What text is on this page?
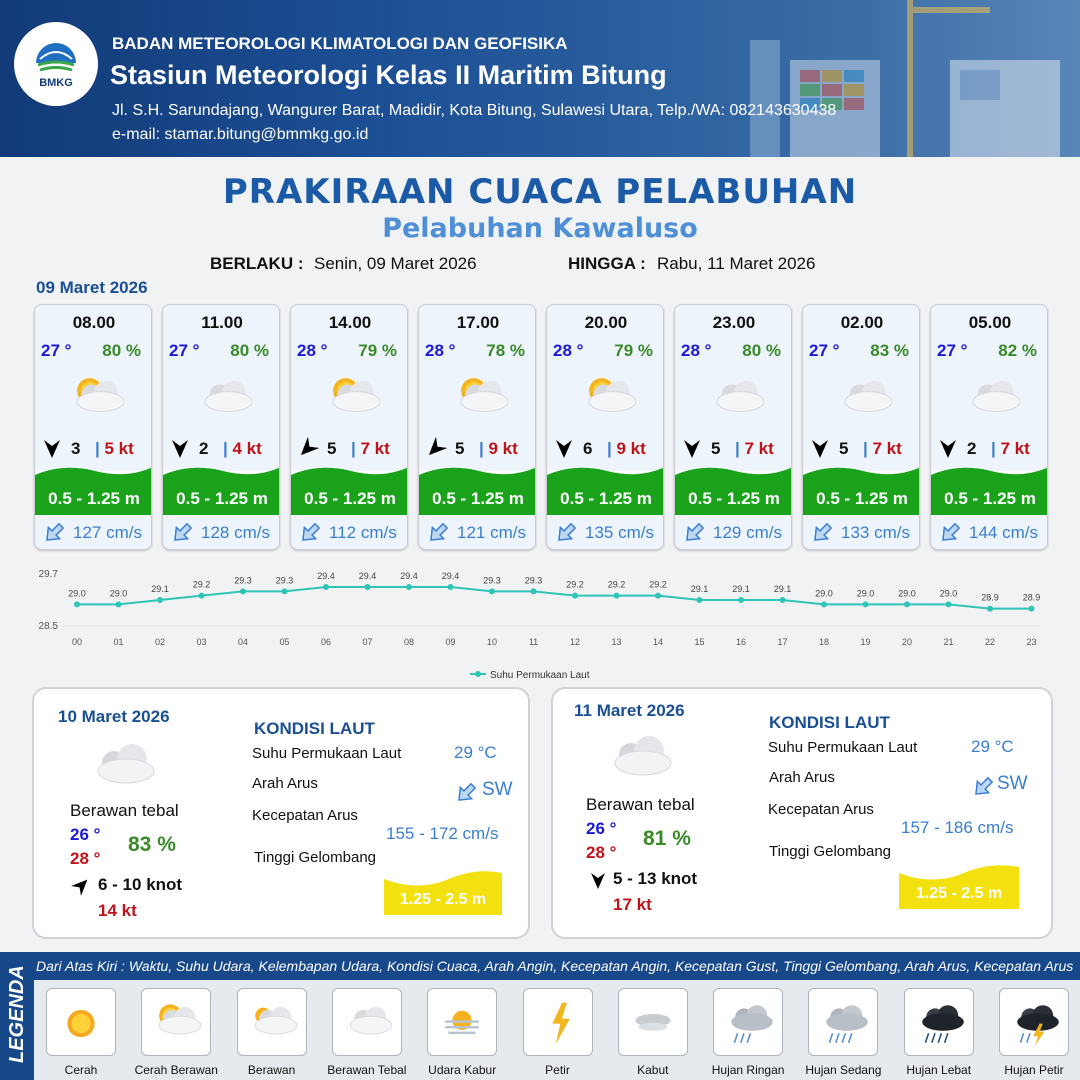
BMKG
BADAN METEOROLOGI KLIMATOLOGI DAN GEOFISIKA
Stasiun Meteorologi Kelas II Maritim Bitung
Jl. S.H. Sarundajang, Wangurer Barat, Madidir, Kota Bitung, Sulawesi Utara, Telp./WA: 082143630438
e-mail: stamar.bitung@bmmkg.go.id
PRAKIRAAN CUACA PELABUHAN
Pelabuhan Kawaluso
BERLAKU : Senin, 09 Maret 2026	HINGGA : Rabu, 11 Maret 2026
09 Maret 2026
08.00
27 ° 80 %
3 | 5 kt
0.5 - 1.25 m
127 cm/s
11.00
27 ° 80 %
2 | 4 kt
0.5 - 1.25 m
128 cm/s
14.00
28 ° 79 %
5 | 7 kt
0.5 - 1.25 m
112 cm/s
17.00
28 ° 78 %
5 | 9 kt
0.5 - 1.25 m
121 cm/s
20.00
28 ° 79 %
6 | 9 kt
0.5 - 1.25 m
135 cm/s
23.00
28 ° 80 %
5 | 7 kt
0.5 - 1.25 m
129 cm/s
02.00
27 ° 83 %
5 | 7 kt
0.5 - 1.25 m
133 cm/s
05.00
27 ° 82 %
2 | 7 kt
0.5 - 1.25 m
144 cm/s
29.7
28.5
29.0
00
29.0
01
29.1
02
29.2
03
29.3
04
29.3
05
29.4
06
29.4
07
29.4
08
29.4
09
29.3
10
29.3
11
29.2
12
29.2
13
29.2
14
29.1
15
29.1
16
29.1
17
29.0
18
29.0
19
29.0
20
29.0
21
28.9
22
28.9
23
Suhu Permukaan Laut
10 Maret 2026
Berawan tebal
26 °
28 °
83 %
6 - 10 knot
14 kt
KONDISI LAUT
Suhu Permukaan Laut	29 °C
Arah Arus	SW
Kecepatan Arus
155 - 172 cm/s
Tinggi Gelombang
1.25 - 2.5 m
11 Maret 2026
Berawan tebal
26 °
28 °
81 %
5 - 13 knot
17 kt
KONDISI LAUT
Suhu Permukaan Laut	29 °C
Arah Arus	SW
Kecepatan Arus
157 - 186 cm/s
Tinggi Gelombang
1.25 - 2.5 m
LEGENDA Dari Atas Kiri : Waktu, Suhu Udara, Kelembapan Udara, Kondisi Cuaca, Arah Angin, Kecepatan Angin, Kecepatan Gust, Tinggi Gelombang, Arah Arus, Kecepatan Arus
Cerah	Cerah Berawan	Berawan	Berawan Tebal	Udara Kabur	Petir	Kabut	Hujan Ringan	Hujan Sedang	Hujan Lebat	Hujan Petir
